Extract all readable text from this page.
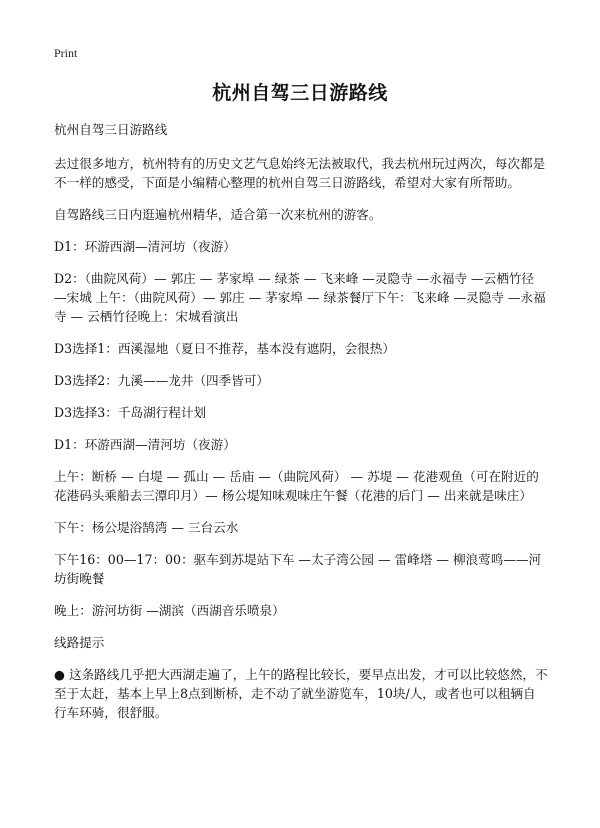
Print
杭州自驾三日游路线

杭州自驾三日游路线

去过很多地方，杭州特有的历史文艺气息始终无法被取代，我去杭州玩过两次，每次都是不一样的感受，下面是小编精心整理的杭州自驾三日游路线，希望对大家有所帮助。

自驾路线三日内逛遍杭州精华，适合第一次来杭州的游客。

D1：环游西湖—清河坊（夜游）

D2：（曲院风荷）— 郭庄 — 茅家埠 — 绿茶 — 飞来峰 —灵隐寺 —永福寺 —云栖竹径 —宋城 上午：（曲院风荷）— 郭庄 — 茅家埠 — 绿茶餐厅下午：飞来峰 —灵隐寺 —永福寺 — 云栖竹径晚上：宋城看演出

D3选择1：西溪湿地（夏日不推荐，基本没有遮阴，会很热）

D3选择2：九溪——龙井（四季皆可）

D3选择3：千岛湖行程计划

D1：环游西湖—清河坊（夜游）

上午：断桥 — 白堤 — 孤山 — 岳庙 —（曲院风荷） — 苏堤 — 花港观鱼（可在附近的花港码头乘船去三潭印月）— 杨公堤知味观味庄午餐（花港的后门 — 出来就是味庄）

下午：杨公堤浴鹄湾 — 三台云水

下午16：00—17：00：驱车到苏堤站下车 —太子湾公园 — 雷峰塔 — 柳浪莺鸣——河坊街晚餐

晚上：游河坊街 —湖滨（西湖音乐喷泉）

线路提示

● 这条路线几乎把大西湖走遍了，上午的路程比较长，要早点出发，才可以比较悠然，不至于太赶，基本上早上8点到断桥，走不动了就坐游览车，10块/人，或者也可以租辆自行车环骑，很舒服。
